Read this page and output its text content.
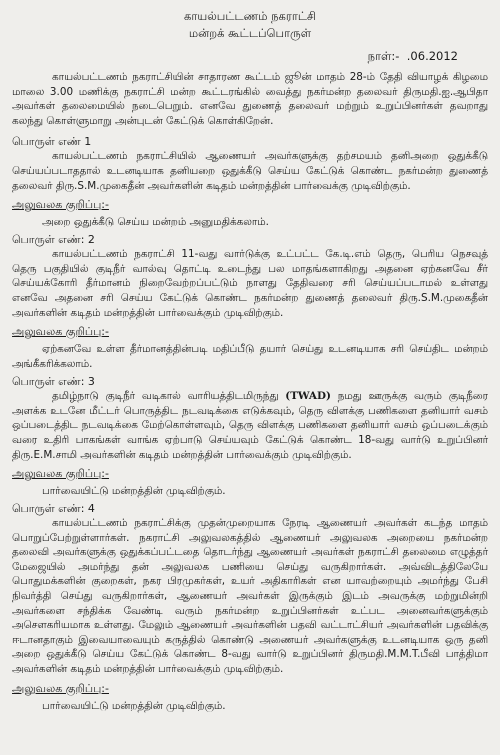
காயல்பட்டணம் நகராட்சி
மன்றக் கூட்டப்பொருள்
நாள்:-  .06.2012

காயல்பட்டணம் நகராட்சியின் சாதாரண கூட்டம் ஜூன் மாதம் 28-ம் தேதி வியாழக் கிழமை மாலை 3.00 மணிக்கு நகராட்சி மன்ற கூட்டரங்கில் வைத்து நகர்மன்ற தலைவர் திருமதி.ஐ.ஆபிதா அவர்கள் தலைமையில் நடைபெறும். எனவே துணைத் தலைவர் மற்றும் உறுப்பினர்கள் தவறாது கலந்து கொள்ளுமாறு அன்புடன் கேட்டுக் கொள்கிறேன்.

பொருள் எண் 1

காயல்பட்டணம் நகராட்சியில் ஆணையர் அவர்களுக்கு தற்சமயம் தனிஅறை ஒதுக்கீடு செய்யப்படாததால் உடனடியாக தனியறை ஒதுக்கீடு செய்ய கேட்டுக் கொண்ட நகர்மன்ற துணைத் தலைவர் திரு.S.M.முகைதீன் அவர்களின் கடிதம் மன்றத்தின் பார்வைக்கு முடிவிற்கும்.

அலுவலக குறிப்பு:-
அறை ஒதுக்கீடு செய்ய மன்றம் அனுமதிக்கலாம்.
பொருள் எண்: 2

காயல்பட்டணம் நகராட்சி 11-வது வார்டுக்கு உட்பட்ட கே.டி.எம் தெரு, பெரிய நெசவுத் தெரு பகுதியில் குடிநீர் வால்வு தொட்டி உடைந்து பல மாதங்களாகிறது அதனை ஏற்கனவே சீர் செய்யக்கோரி தீர்மானம் நிறைவேற்றப்பட்டும் நாளது தேதிவரை சரி செய்யப்படாமல் உள்ளது எனவே அதனை சரி செய்ய கேட்டுக் கொண்ட நகர்மன்ற துணைத் தலைவர் திரு.S.M.முகைதீன் அவர்களின் கடிதம் மன்றத்தின் பார்வைக்கும் முடிவிற்கும்.

அலுவலக குறிப்பு:-
ஏற்கனவே உள்ள தீர்மானத்தின்படி மதிப்பீடு தயார் செய்து உடனடியாக சரி செய்திட மன்றம் அங்கீகரிக்கலாம்.
பொருள் எண்: 3

தமிழ்நாடு குடிநீர் வடிகால் வாரியத்திடமிருந்து (TWAD) நமது ஊருக்கு வரும் குடிநீரை அளக்க உடனே மீட்டர் பொருத்திட நடவடிக்கை எடுக்கவும், தெரு விளக்கு பணிகளை தனியார் வசம் ஒப்படைத்திட நடவடிக்கை மேற்கொள்ளவும், தெரு விளக்கு பணிகளை தனியார் வசம் ஒப்படைக்கும் வரை உதிரி பாகங்கள் வாங்க ஏற்பாடு செய்யவும் கேட்டுக் கொண்ட 18-வது வார்டு உறுப்பினர் திரு.E.M.சாமி அவர்களின் கடிதம் மன்றத்தின் பார்வைக்கும் முடிவிற்கும்.

அலுவலக குறிப்பு:-
பார்வையிட்டு மன்றத்தின் முடிவிற்கும்.
பொருள் எண்: 4

காயல்பட்டணம் நகராட்சிக்கு முதன்முறையாக நேரடி ஆணையர் அவர்கள் கடந்த மாதம் பொறுப்பேற்றுள்ளார்கள். நகராட்சி அலுவலகத்தில் ஆணையர் அலுவலக அறையை நகர்மன்ற தலைவி அவர்களுக்கு ஒதுக்கப்பட்டதை தொடர்ந்து ஆணையர் அவர்கள் நகராட்சி தலைமை எழுத்தர் மேஜையில் அமர்ந்து தன் அலுவலக பணியை செய்து வருகிறார்கள். அவ்விடத்திலேயே பொதுமக்களின் குறைகள், நகர பிரமுகர்கள், உயர் அதிகாரிகள் என யாவற்றையும் அமர்ந்து பேசி நிவர்த்தி செய்து வருகிறார்கள், ஆணையர் அவர்கள் இருக்கும் இடம் அவருக்கு மற்றுமின்றி அவர்களை சந்திக்க வேண்டி வரும் நகர்மன்ற உறுப்பினர்கள் உட்பட அனைவர்களுக்கும் அசௌகரியமாக உள்ளது. மேலும் ஆணையர் அவர்களின் பதவி வட்டாட்சியர் அவர்களின் பதவிக்கு ஈடானதாகும் இவையாவையும் கருத்தில் கொண்டு அணையர் அவர்களுக்கு உடனடியாக ஒரு தனி அறை ஒதுக்கீடு செய்ய கேட்டுக் கொண்ட 8-வது வார்டு உறுப்பினர் திருமதி.M.M.T.பீவி பாத்திமா அவர்களின் கடிதம் மன்றத்தின் பார்வைக்கும் முடிவிற்கும்.

அலுவலக குறிப்பு:-
பார்வையிட்டு மன்றத்தின் முடிவிற்கும்.
